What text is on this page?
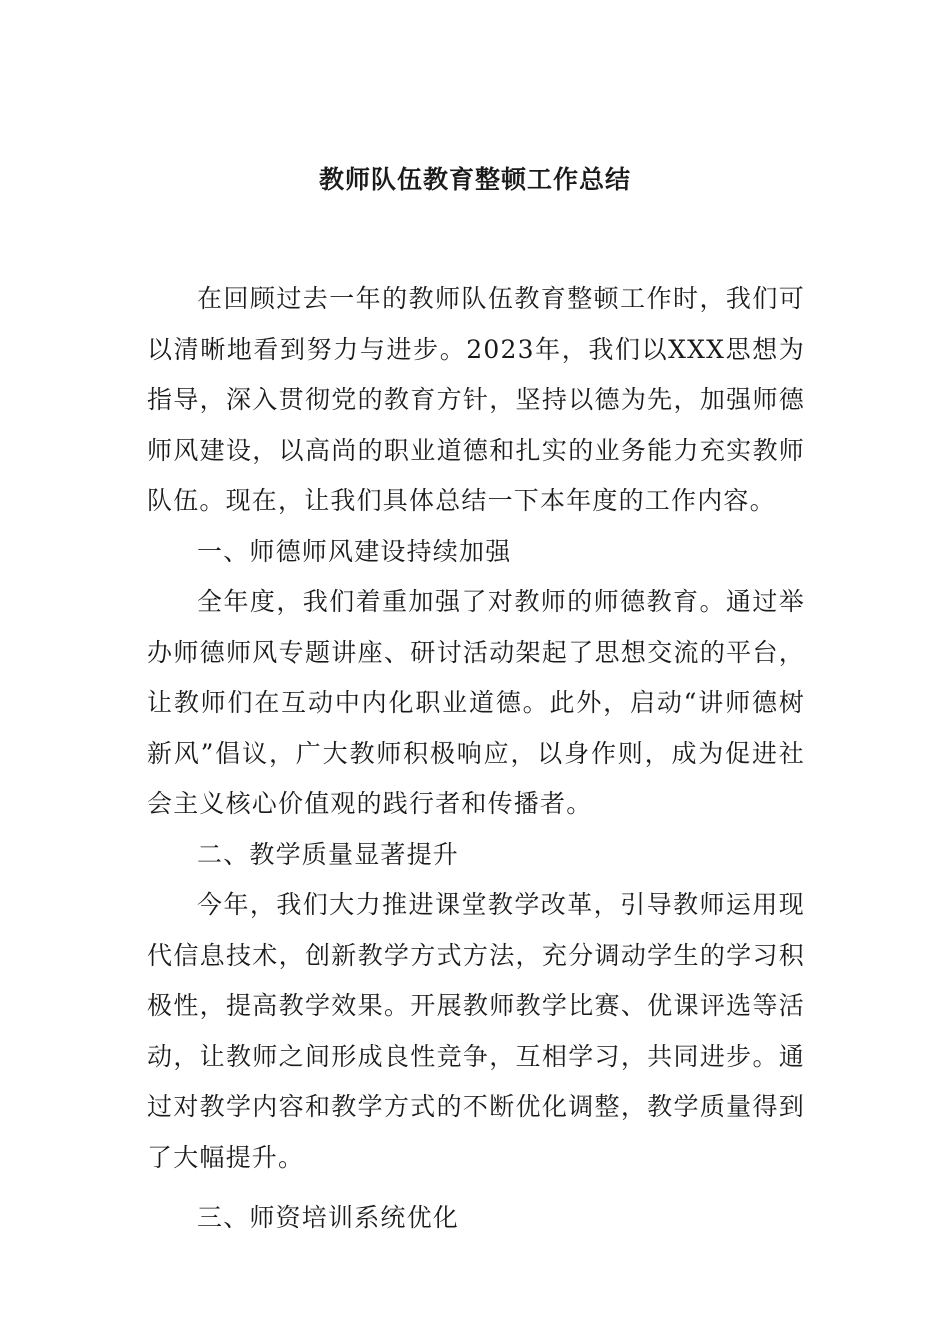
教师队伍教育整顿工作总结

在回顾过去一年的教师队伍教育整顿工作时，我们可以清晰地看到努力与进步。2023年，我们以XXX思想为指导，深入贯彻党的教育方针，坚持以德为先，加强师德师风建设，以高尚的职业道德和扎实的业务能力充实教师队伍。现在，让我们具体总结一下本年度的工作内容。

一、师德师风建设持续加强

全年度，我们着重加强了对教师的师德教育。通过举办师德师风专题讲座、研讨活动架起了思想交流的平台，让教师们在互动中内化职业道德。此外，启动“讲师德树新风”倡议，广大教师积极响应，以身作则，成为促进社会主义核心价值观的践行者和传播者。

二、教学质量显著提升

今年，我们大力推进课堂教学改革，引导教师运用现代信息技术，创新教学方式方法，充分调动学生的学习积极性，提高教学效果。开展教师教学比赛、优课评选等活动，让教师之间形成良性竞争，互相学习，共同进步。通过对教学内容和教学方式的不断优化调整，教学质量得到了大幅提升。

三、师资培训系统优化
